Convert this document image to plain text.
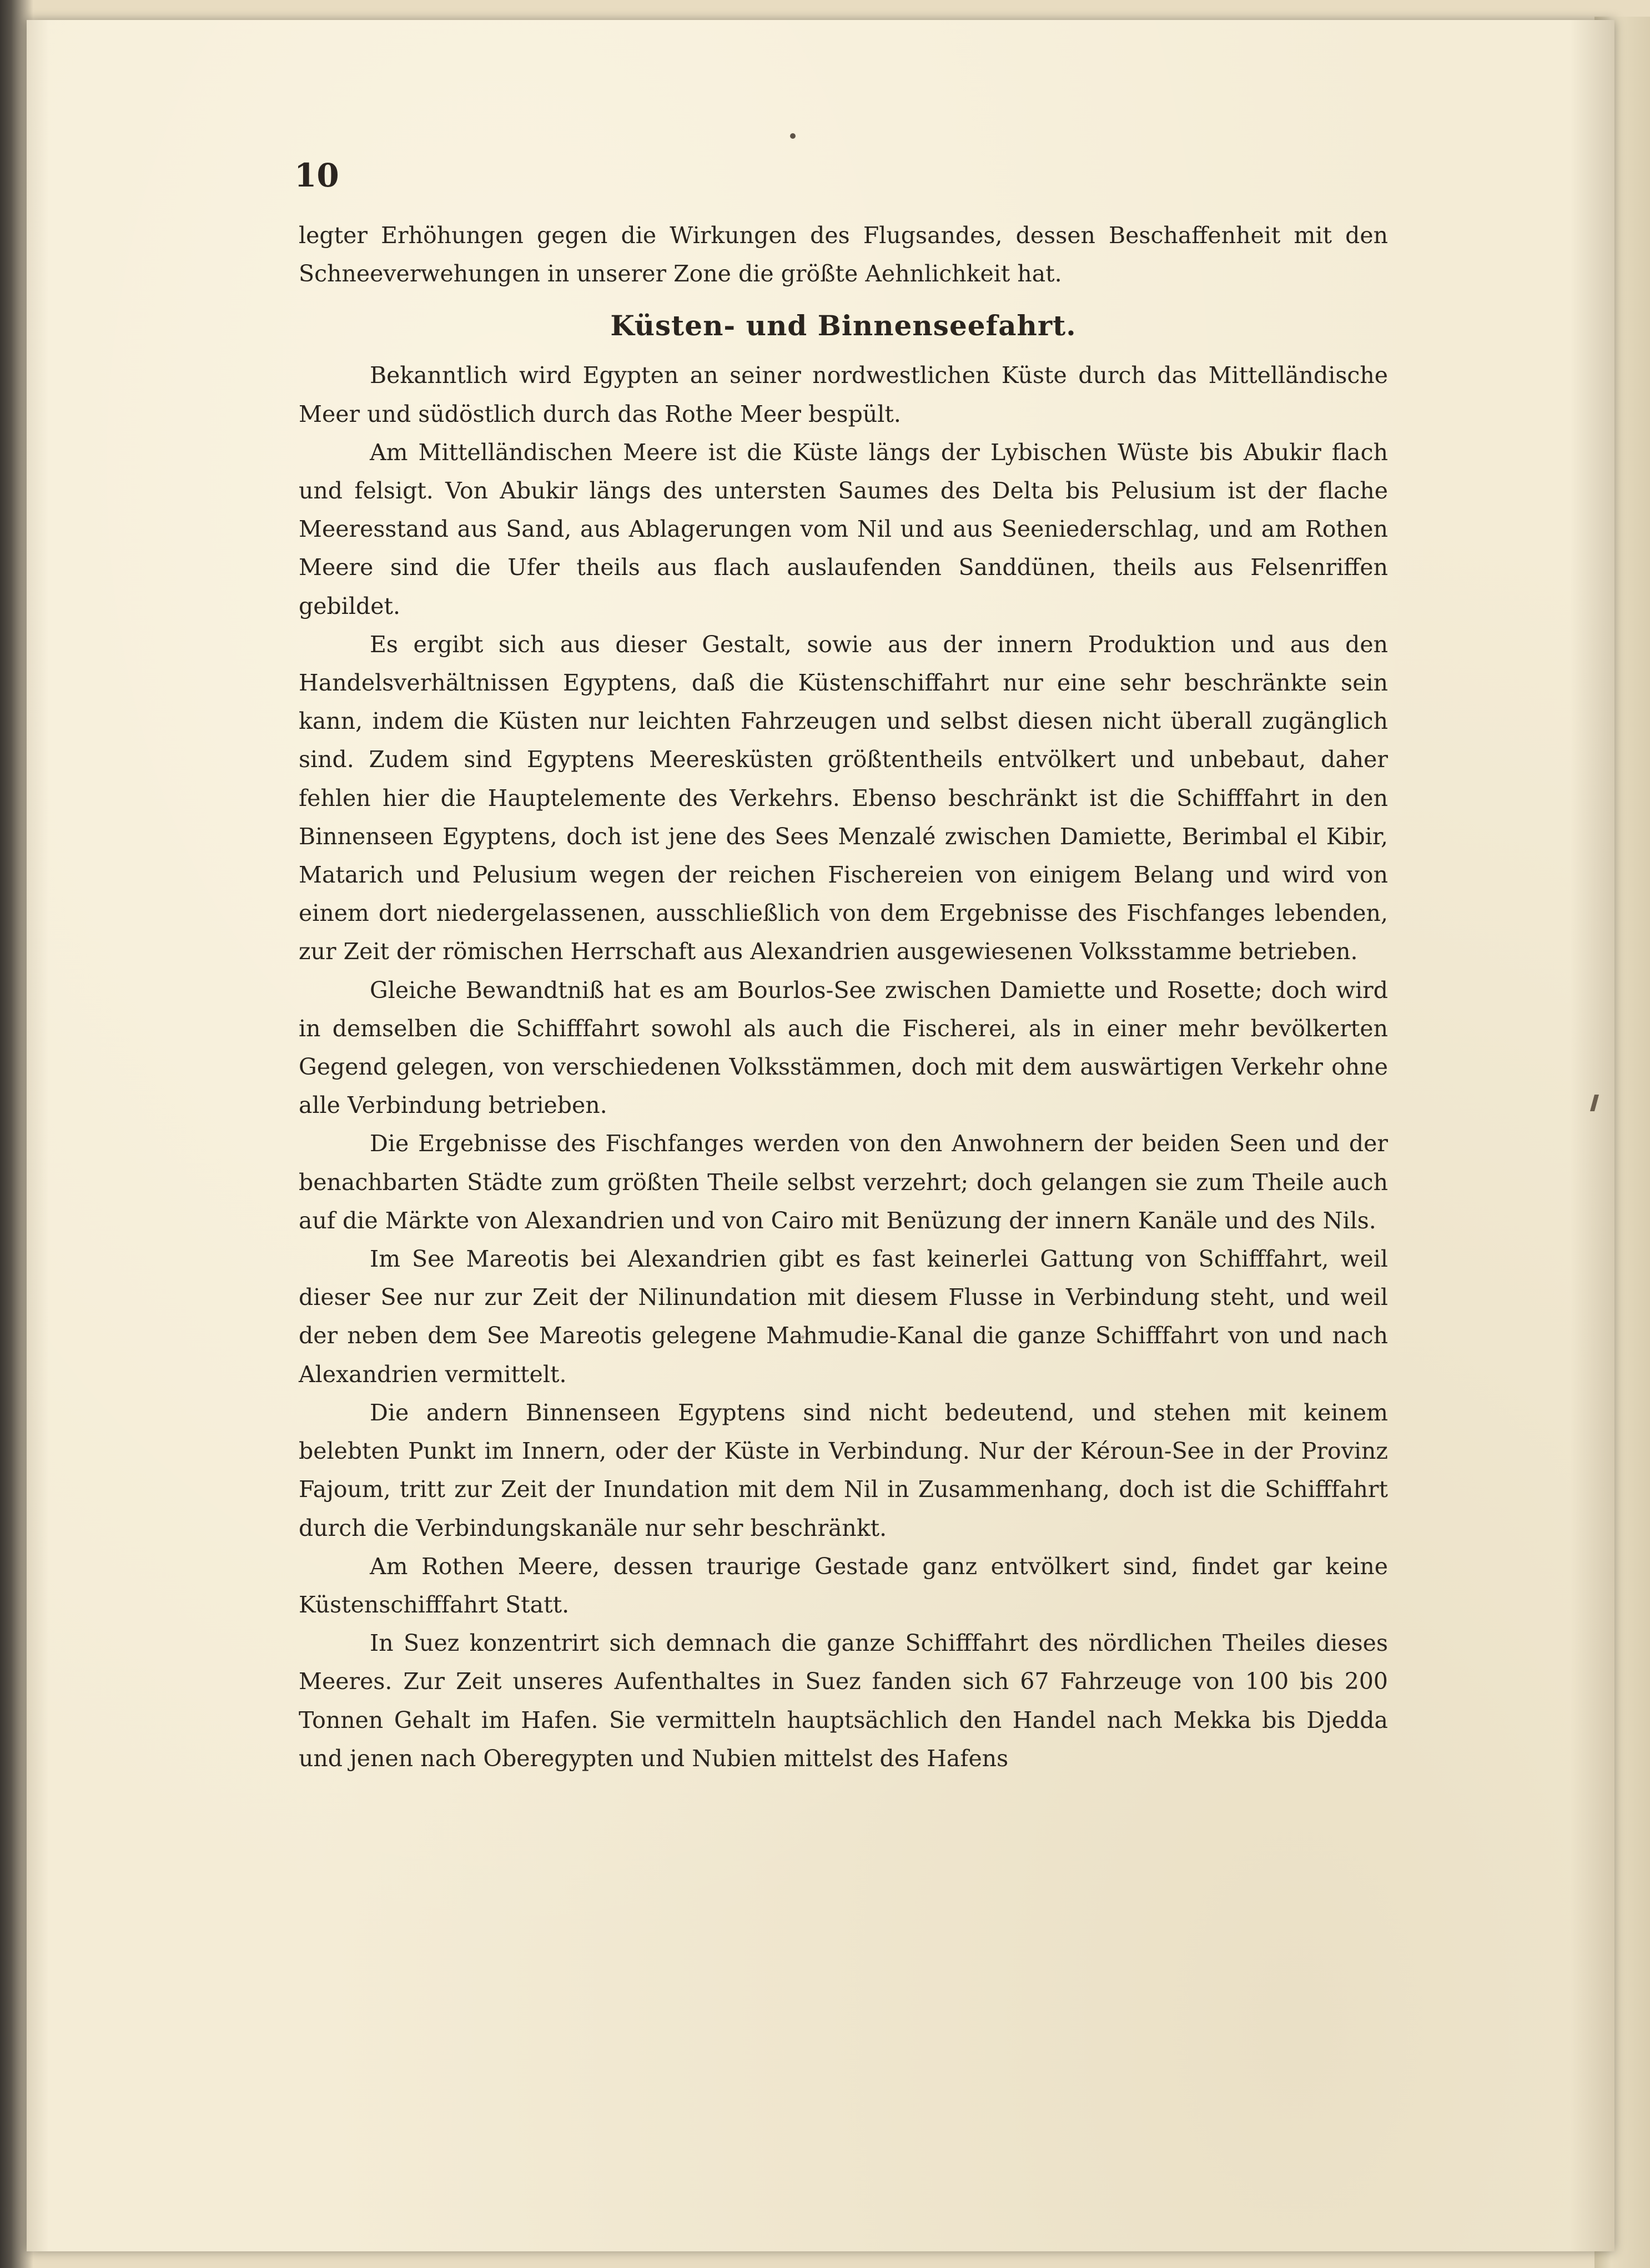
10

legter Erhöhungen gegen die Wirkungen des Flugsandes, dessen Beschaffenheit mit den Schneeverwehungen in unserer Zone die größte Aehnlichkeit hat.

Küsten- und Binnenseefahrt.

Bekanntlich wird Egypten an seiner nordwestlichen Küste durch das Mittelländische Meer und südöstlich durch das Rothe Meer bespült.

Am Mittelländischen Meere ist die Küste längs der Lybischen Wüste bis Abukir flach und felsigt. Von Abukir längs des untersten Saumes des Delta bis Pelusium ist der flache Meeresstand aus Sand, aus Ablagerungen vom Nil und aus Seeniederschlag, und am Rothen Meere sind die Ufer theils aus flach auslaufenden Sanddünen, theils aus Felsenriffen gebildet.

Es ergibt sich aus dieser Gestalt, sowie aus der innern Produktion und aus den Handelsverhältnissen Egyptens, daß die Küstenschiffahrt nur eine sehr beschränkte sein kann, indem die Küsten nur leichten Fahrzeugen und selbst diesen nicht überall zugänglich sind. Zudem sind Egyptens Meeresküsten größtentheils entvölkert und unbebaut, daher fehlen hier die Hauptelemente des Verkehrs. Ebenso beschränkt ist die Schifffahrt in den Binnenseen Egyptens, doch ist jene des Sees Menzalé zwischen Damiette, Berimbal el Kibir, Matarich und Pelusium wegen der reichen Fischereien von einigem Belang und wird von einem dort niedergelassenen, ausschließlich von dem Ergebnisse des Fischfanges lebenden, zur Zeit der römischen Herrschaft aus Alexandrien ausgewiesenen Volksstamme betrieben.

Gleiche Bewandtniß hat es am Bourlos-See zwischen Damiette und Rosette; doch wird in demselben die Schifffahrt sowohl als auch die Fischerei, als in einer mehr bevölkerten Gegend gelegen, von verschiedenen Volksstämmen, doch mit dem auswärtigen Verkehr ohne alle Verbindung betrieben.

Die Ergebnisse des Fischfanges werden von den Anwohnern der beiden Seen und der benachbarten Städte zum größten Theile selbst verzehrt; doch gelangen sie zum Theile auch auf die Märkte von Alexandrien und von Cairo mit Benüzung der innern Kanäle und des Nils.

Im See Mareotis bei Alexandrien gibt es fast keinerlei Gattung von Schifffahrt, weil dieser See nur zur Zeit der Nilinundation mit diesem Flusse in Verbindung steht, und weil der neben dem See Mareotis gelegene Mahmudie-Kanal die ganze Schifffahrt von und nach Alexandrien vermittelt.

Die andern Binnenseen Egyptens sind nicht bedeutend, und stehen mit keinem belebten Punkt im Innern, oder der Küste in Verbindung. Nur der Kéroun-See in der Provinz Fajoum, tritt zur Zeit der Inundation mit dem Nil in Zusammenhang, doch ist die Schifffahrt durch die Verbindungskanäle nur sehr beschränkt.

Am Rothen Meere, dessen traurige Gestade ganz entvölkert sind, findet gar keine Küstenschifffahrt Statt.

In Suez konzentrirt sich demnach die ganze Schifffahrt des nördlichen Theiles dieses Meeres. Zur Zeit unseres Aufenthaltes in Suez fanden sich 67 Fahrzeuge von 100 bis 200 Tonnen Gehalt im Hafen. Sie vermitteln hauptsächlich den Handel nach Mekka bis Djedda und jenen nach Oberegypten und Nubien mittelst des Hafens
